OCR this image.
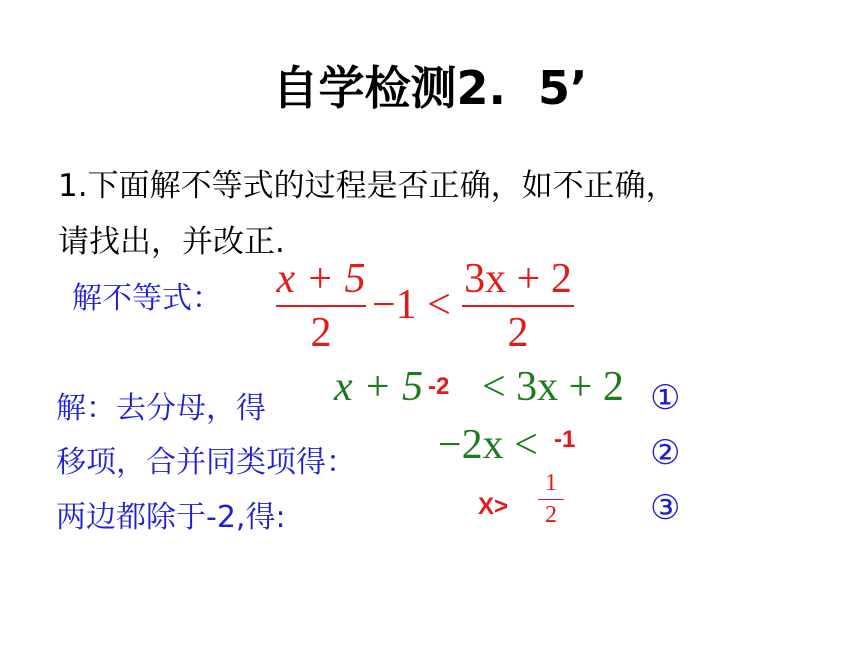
自学检测2.  5’
1.下面解不等式的过程是否正确，如不正确，
请找出，并改正.
解不等式： x + 5
2
−1 <
3x + 2
2
解：去分母，得 x + 5 -2 < 3x + 2 ①
移项，合并同类项得： −2x < -1 ②
两边都除于-2,得:	X>
1
2	③
